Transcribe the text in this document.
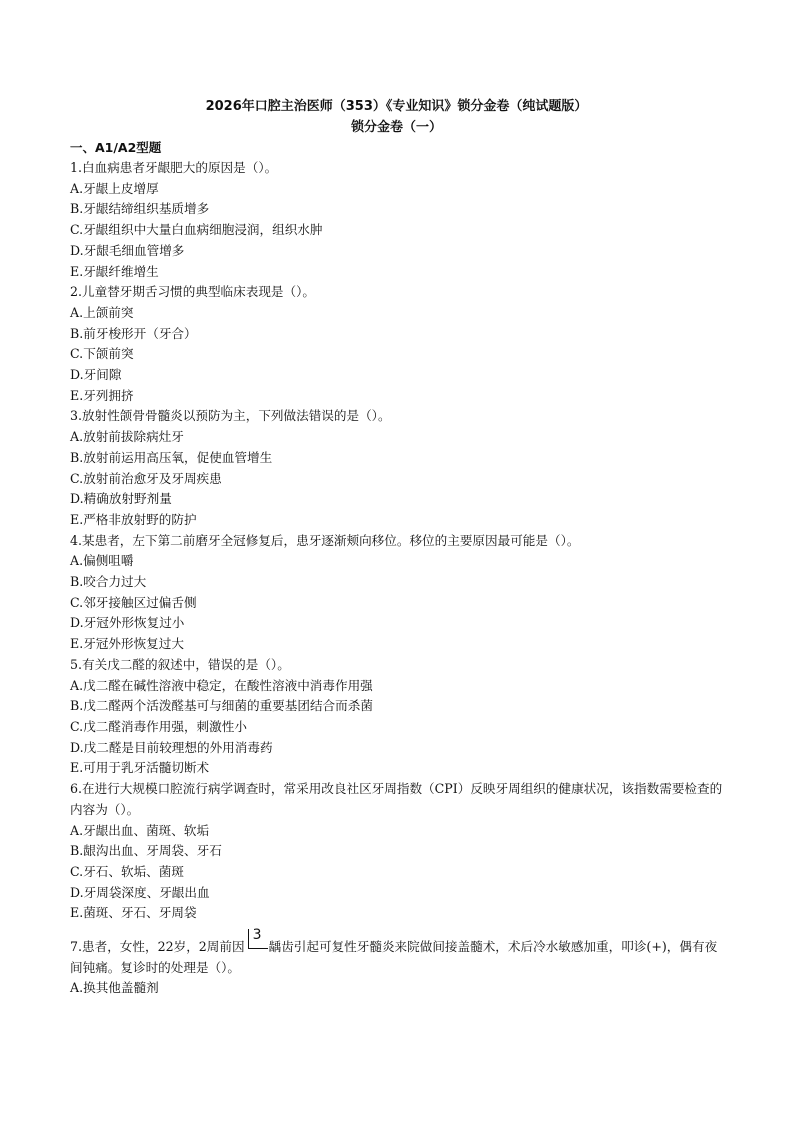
2026年口腔主治医师（353）《专业知识》锁分金卷（纯试题版）
锁分金卷（一）
一、A1/A2型题
1.白血病患者牙龈肥大的原因是（）。
A.牙龈上皮增厚
B.牙龈结缔组织基质增多
C.牙龈组织中大量白血病细胞浸润，组织水肿
D.牙龈毛细血管增多
E.牙龈纤维增生
2.儿童替牙期舌习惯的典型临床表现是（）。
A.上颌前突
B.前牙梭形开（牙合）
C.下颌前突
D.牙间隙
E.牙列拥挤
3.放射性颌骨骨髓炎以预防为主，下列做法错误的是（）。
A.放射前拔除病灶牙
B.放射前运用高压氧，促使血管增生
C.放射前治愈牙及牙周疾患
D.精确放射野剂量
E.严格非放射野的防护
4.某患者，左下第二前磨牙全冠修复后，患牙逐渐颊向移位。移位的主要原因最可能是（）。
A.偏侧咀嚼
B.咬合力过大
C.邻牙接触区过偏舌侧
D.牙冠外形恢复过小
E.牙冠外形恢复过大
5.有关戊二醛的叙述中，错误的是（）。
A.戊二醛在碱性溶液中稳定，在酸性溶液中消毒作用强
B.戊二醛两个活泼醛基可与细菌的重要基团结合而杀菌
C.戊二醛消毒作用强，刺激性小
D.戊二醛是目前较理想的外用消毒药
E.可用于乳牙活髓切断术
6.在进行大规模口腔流行病学调查时，常采用改良社区牙周指数（CPI）反映牙周组织的健康状况，该指数需要检查的内容为（）。
A.牙龈出血、菌斑、软垢
B.龈沟出血、牙周袋、牙石
C.牙石、软垢、菌斑
D.牙周袋深度、牙龈出血
E.菌斑、牙石、牙周袋
7.患者，女性，22岁，2周前因
3
龋齿引起可复性牙髓炎来院做间接盖髓术，术后冷水敏感加重，叩诊(+)，偶有夜间钝痛。复诊时的处理是（）。
A.换其他盖髓剂
